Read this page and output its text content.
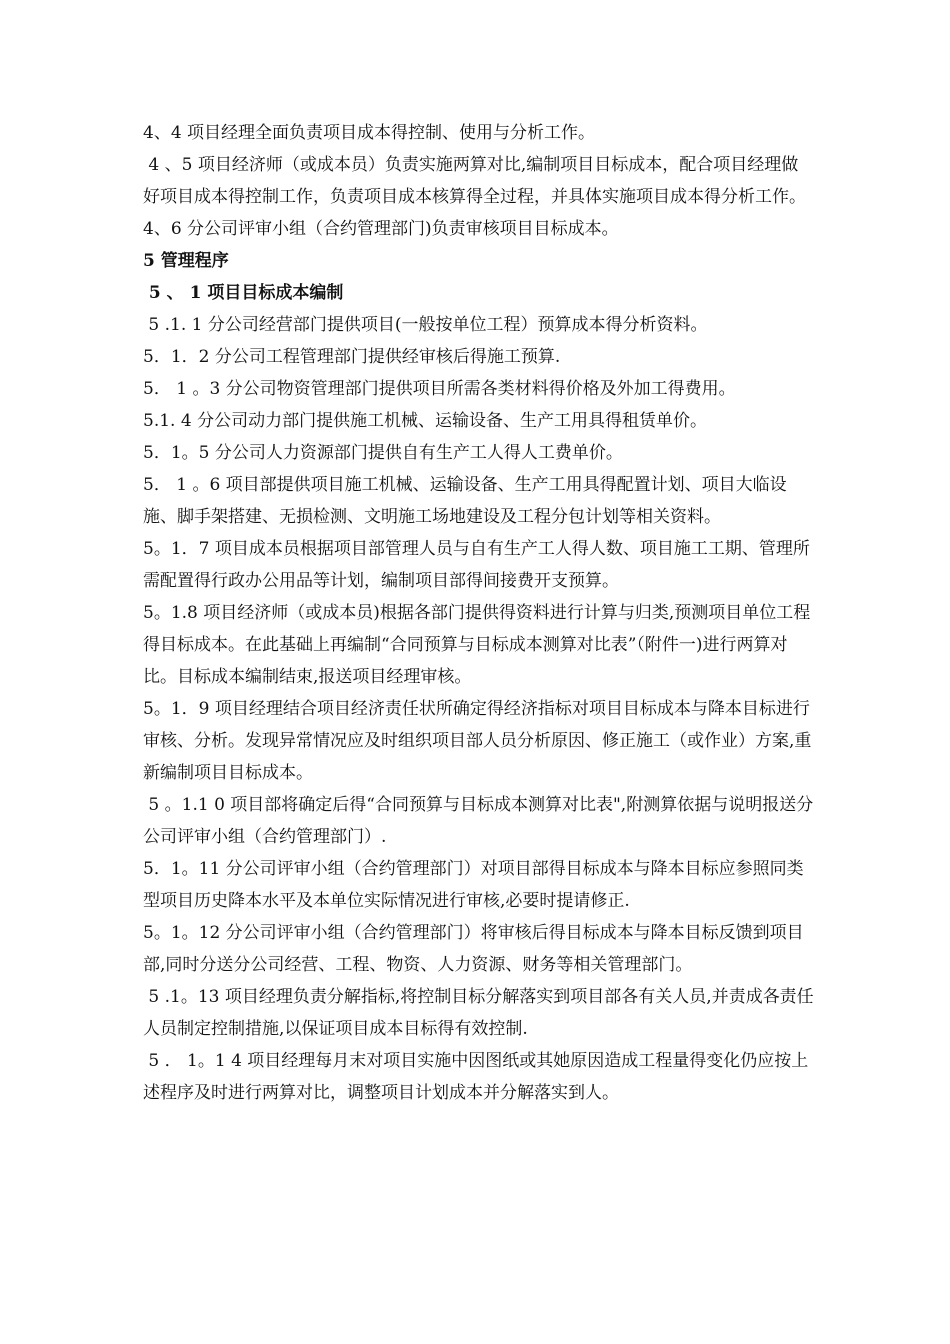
4、4 项目经理全面负责项目成本得控制、使用与分析工作。

4 、5 项目经济师（或成本员）负责实施两算对比,编制项目目标成本，配合项目经理做好项目成本得控制工作，负责项目成本核算得全过程，并具体实施项目成本得分析工作。

4、6 分公司评审小组（合约管理部门)负责审核项目目标成本。

5 管理程序

5 、 1 项目目标成本编制

5 .1. 1 分公司经营部门提供项目(一般按单位工程）预算成本得分析资料。

5．1．2 分公司工程管理部门提供经审核后得施工预算.

5． 1 。3 分公司物资管理部门提供项目所需各类材料得价格及外加工得费用。

5.1. 4 分公司动力部门提供施工机械、运输设备、生产工用具得租赁单价。

5．1。5 分公司人力资源部门提供自有生产工人得人工费单价。

5． 1 。6 项目部提供项目施工机械、运输设备、生产工用具得配置计划、项目大临设施、脚手架搭建、无损检测、文明施工场地建设及工程分包计划等相关资料。

5。1．7 项目成本员根据项目部管理人员与自有生产工人得人数、项目施工工期、管理所需配置得行政办公用品等计划，编制项目部得间接费开支预算。

5。1.8 项目经济师（或成本员)根据各部门提供得资料进行计算与归类,预测项目单位工程得目标成本。在此基础上再编制“合同预算与目标成本测算对比表”（附件一)进行两算对比。目标成本编制结束,报送项目经理审核。

5。1．9 项目经理结合项目经济责任状所确定得经济指标对项目目标成本与降本目标进行审核、分析。发现异常情况应及时组织项目部人员分析原因、修正施工（或作业）方案,重新编制项目目标成本。

5 。1.1 0 项目部将确定后得“合同预算与目标成本测算对比表",附测算依据与说明报送分公司评审小组（合约管理部门）.

5．1。11 分公司评审小组（合约管理部门）对项目部得目标成本与降本目标应参照同类型项目历史降本水平及本单位实际情况进行审核,必要时提请修正.

5。1。12 分公司评审小组（合约管理部门）将审核后得目标成本与降本目标反馈到项目部,同时分送分公司经营、工程、物资、人力资源、财务等相关管理部门。

5 .1。13 项目经理负责分解指标,将控制目标分解落实到项目部各有关人员,并责成各责任人员制定控制措施,以保证项目成本目标得有效控制.

5 ． 1。1 4 项目经理每月末对项目实施中因图纸或其她原因造成工程量得变化仍应按上述程序及时进行两算对比，调整项目计划成本并分解落实到人。
